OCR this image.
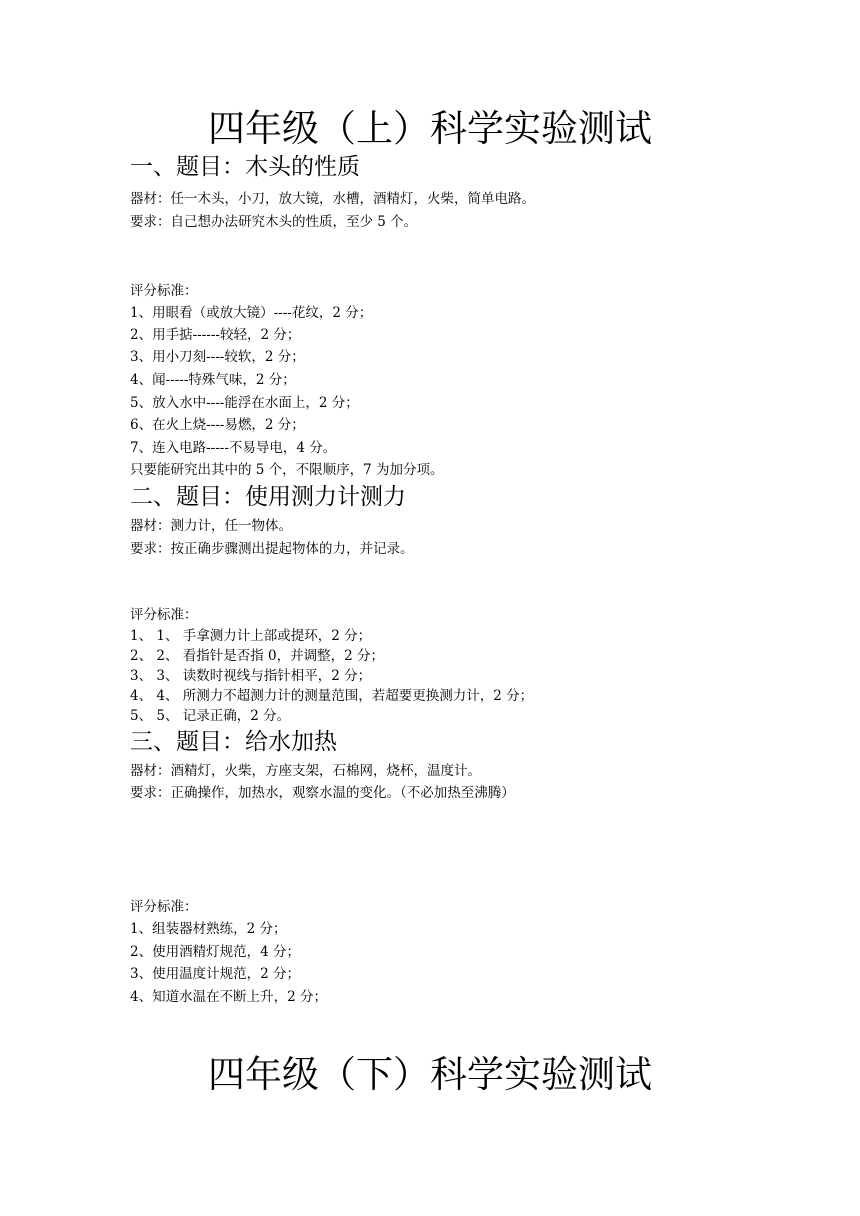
四年级（上）科学实验测试
一、题目：木头的性质

器材：任一木头，小刀，放大镜，水槽，酒精灯，火柴，简单电路。

要求：自己想办法研究木头的性质，至少 5 个。

评分标准：

1、用眼看（或放大镜）----花纹，2 分；

2、用手掂------较轻，2 分；

3、用小刀刻----较软，2 分；

4、闻-----特殊气味，2 分；

5、放入水中----能浮在水面上，2 分；

6、在火上烧----易燃，2 分；

7、连入电路-----不易导电，4 分。

只要能研究出其中的 5 个，不限顺序，7 为加分项。

二、题目：使用测力计测力

器材：测力计，任一物体。

要求：按正确步骤测出提起物体的力，并记录。

评分标准：

1、 1、 手拿测力计上部或提环，2 分；

2、 2、 看指针是否指 0，并调整，2 分；

3、 3、 读数时视线与指针相平，2 分；

4、 4、 所测力不超测力计的测量范围，若超要更换测力计，2 分；

5、 5、 记录正确，2 分。

三、题目：给水加热

器材：酒精灯，火柴，方座支架，石棉网，烧杯，温度计。

要求：正确操作，加热水，观察水温的变化。（不必加热至沸腾）

评分标准：

1、组装器材熟练，2 分；

2、使用酒精灯规范，4 分；

3、使用温度计规范，2 分；

4、知道水温在不断上升，2 分；

四年级（下）科学实验测试
